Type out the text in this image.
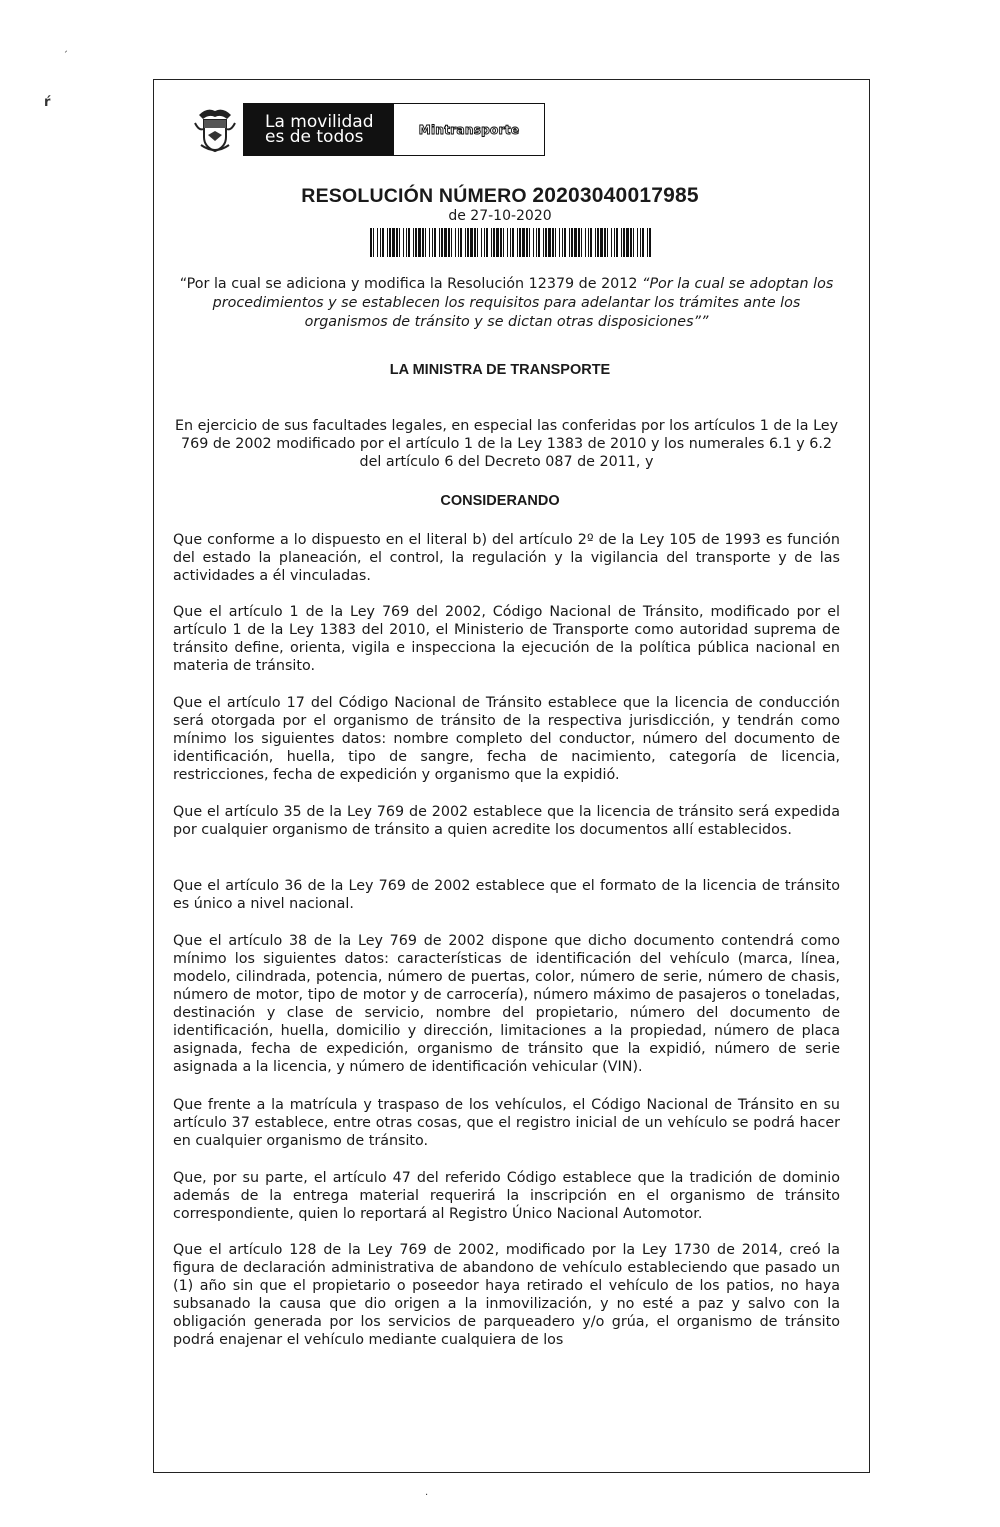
ˏ
ŕ
·
La movilidad
es de todos	Mintransporte
RESOLUCIÓN NÚMERO 20203040017985
de 27-10-2020
“Por la cual se adiciona y modifica la Resolución 12379 de 2012 “Por la cual se adoptan los procedimientos y se establecen los requisitos para adelantar los trámites ante los organismos de tránsito y se dictan otras disposiciones””
LA MINISTRA DE TRANSPORTE
En ejercicio de sus facultades legales, en especial las conferidas por los artículos 1 de la Ley 769 de 2002 modificado por el artículo 1 de la Ley 1383 de 2010 y los numerales 6.1 y 6.2 del artículo 6 del Decreto 087 de 2011, y
CONSIDERANDO
Que conforme a lo dispuesto en el literal b) del artículo 2º de la Ley 105 de 1993 es función del estado la planeación, el control, la regulación y la vigilancia del transporte y de las actividades a él vinculadas.
Que el artículo 1 de la Ley 769 del 2002, Código Nacional de Tránsito, modificado por el artículo 1 de la Ley 1383 del 2010, el Ministerio de Transporte como autoridad suprema de tránsito define, orienta, vigila e inspecciona la ejecución de la política pública nacional en materia de tránsito.
Que el artículo 17 del Código Nacional de Tránsito establece que la licencia de conducción será otorgada por el organismo de tránsito de la respectiva jurisdicción, y tendrán como mínimo los siguientes datos: nombre completo del conductor, número del documento de identificación, huella, tipo de sangre, fecha de nacimiento, categoría de licencia, restricciones, fecha de expedición y organismo que la expidió.
Que el artículo 35 de la Ley 769 de 2002 establece que la licencia de tránsito será expedida por cualquier organismo de tránsito a quien acredite los documentos allí establecidos.
Que el artículo 36 de la Ley 769 de 2002 establece que el formato de la licencia de tránsito es único a nivel nacional.
Que el artículo 38 de la Ley 769 de 2002 dispone que dicho documento contendrá como mínimo los siguientes datos: características de identificación del vehículo (marca, línea, modelo, cilindrada, potencia, número de puertas, color, número de serie, número de chasis, número de motor, tipo de motor y de carrocería), número máximo de pasajeros o toneladas, destinación y clase de servicio, nombre del propietario, número del documento de identificación, huella, domicilio y dirección, limitaciones a la propiedad, número de placa asignada, fecha de expedición, organismo de tránsito que la expidió, número de serie asignada a la licencia, y número de identificación vehicular (VIN).
Que frente a la matrícula y traspaso de los vehículos, el Código Nacional de Tránsito en su artículo 37 establece, entre otras cosas, que el registro inicial de un vehículo se podrá hacer en cualquier organismo de tránsito.
Que, por su parte, el artículo 47 del referido Código establece que la tradición de dominio además de la entrega material requerirá la inscripción en el organismo de tránsito correspondiente, quien lo reportará al Registro Único Nacional Automotor.
Que el artículo 128 de la Ley 769 de 2002, modificado por la Ley 1730 de 2014, creó la figura de declaración administrativa de abandono de vehículo estableciendo que pasado un (1) año sin que el propietario o poseedor haya retirado el vehículo de los patios, no haya subsanado la causa que dio origen a la inmovilización, y no esté a paz y salvo con la obligación generada por los servicios de parqueadero y/o grúa, el organismo de tránsito podrá enajenar el vehículo mediante cualquiera de los
